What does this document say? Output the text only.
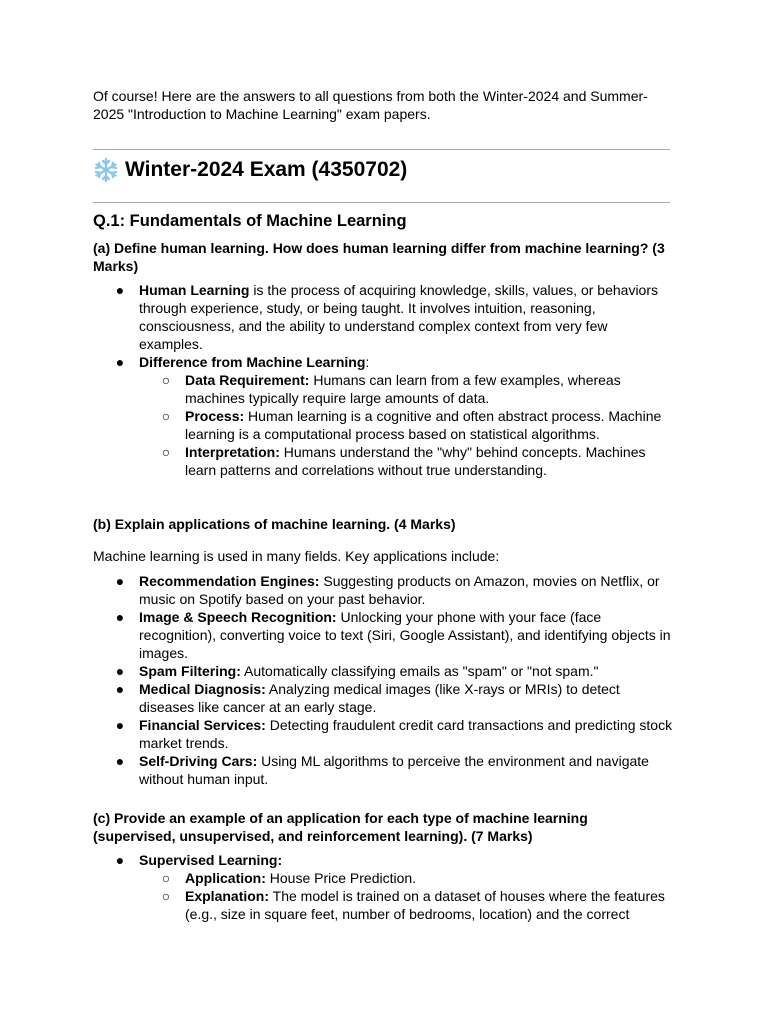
Of course! Here are the answers to all questions from both the Winter-2024 and Summer-2025 "Introduction to Machine Learning" exam papers.

Winter-2024 Exam (4350702)
Q.1: Fundamentals of Machine Learning

(a) Define human learning. How does human learning differ from machine learning? (3 Marks)

● Human Learning is the process of acquiring knowledge, skills, values, or behaviors through experience, study, or being taught. It involves intuition, reasoning, consciousness, and the ability to understand complex context from very few examples.
● Difference from Machine Learning:
○ Data Requirement: Humans can learn from a few examples, whereas machines typically require large amounts of data.
○ Process: Human learning is a cognitive and often abstract process. Machine learning is a computational process based on statistical algorithms.
○ Interpretation: Humans understand the "why" behind concepts. Machines learn patterns and correlations without true understanding.

(b) Explain applications of machine learning. (4 Marks)

Machine learning is used in many fields. Key applications include:

● Recommendation Engines: Suggesting products on Amazon, movies on Netflix, or music on Spotify based on your past behavior.
● Image & Speech Recognition: Unlocking your phone with your face (face recognition), converting voice to text (Siri, Google Assistant), and identifying objects in images.
● Spam Filtering: Automatically classifying emails as "spam" or "not spam."
● Medical Diagnosis: Analyzing medical images (like X-rays or MRIs) to detect diseases like cancer at an early stage.
● Financial Services: Detecting fraudulent credit card transactions and predicting stock market trends.
● Self-Driving Cars: Using ML algorithms to perceive the environment and navigate without human input.

(c) Provide an example of an application for each type of machine learning (supervised, unsupervised, and reinforcement learning). (7 Marks)

● Supervised Learning:
○ Application: House Price Prediction.
○ Explanation: The model is trained on a dataset of houses where the features (e.g., size in square feet, number of bedrooms, location) and the correct
